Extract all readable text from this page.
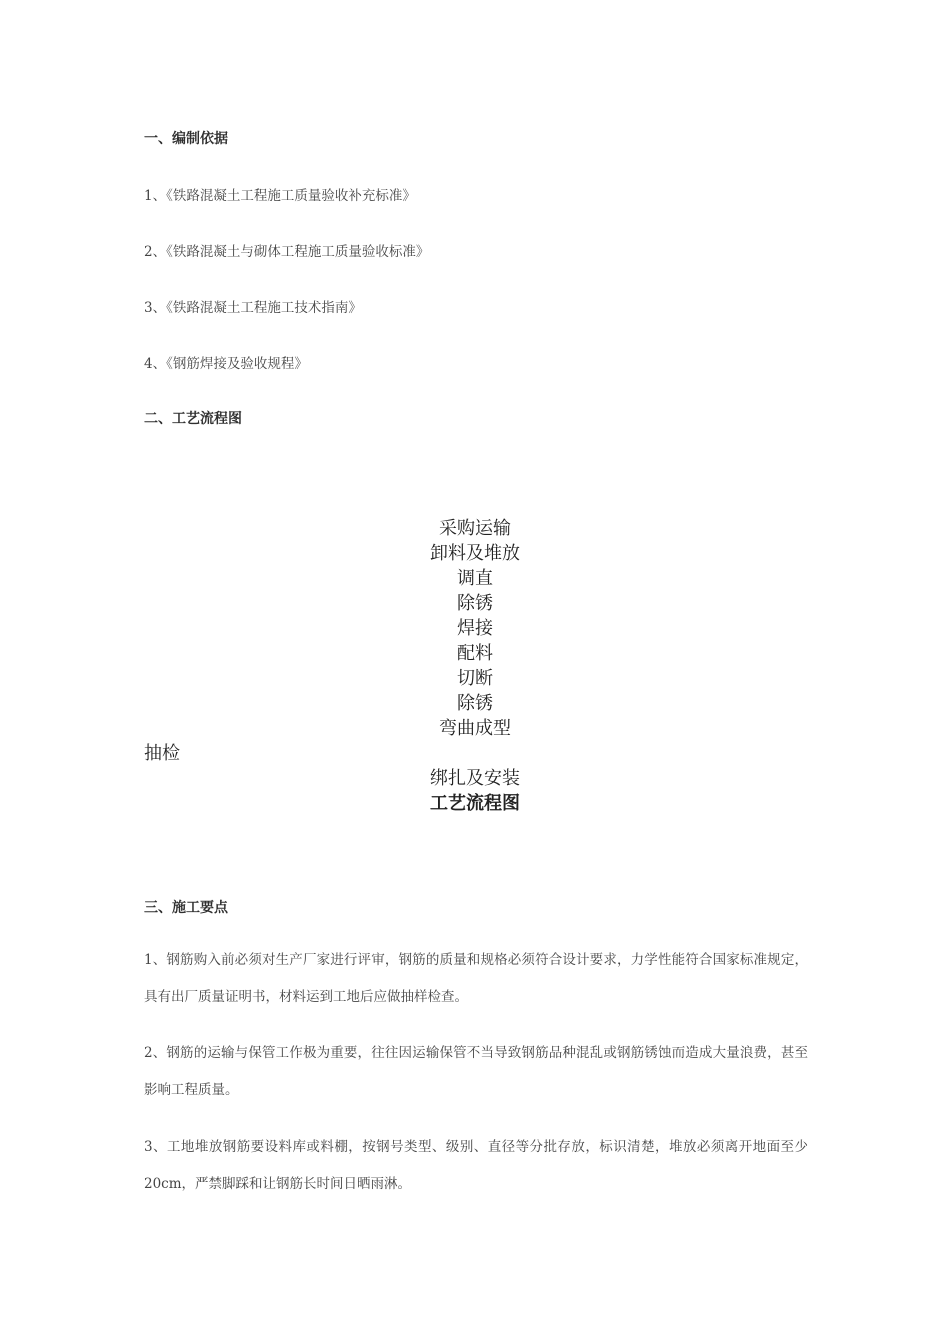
一、编制依据
1、《铁路混凝土工程施工质量验收补充标准》
2、《铁路混凝土与砌体工程施工质量验收标准》
3、《铁路混凝土工程施工技术指南》
4、《钢筋焊接及验收规程》
二、工艺流程图
采购运输
卸料及堆放
调直
除锈
焊接
配料
切断
除锈
弯曲成型
抽检
绑扎及安装
工艺流程图
三、施工要点

1、钢筋购入前必须对生产厂家进行评审，钢筋的质量和规格必须符合设计要求，力学性能符合国家标准规定，具有出厂质量证明书，材料运到工地后应做抽样检查。

2、钢筋的运输与保管工作极为重要，往往因运输保管不当导致钢筋品种混乱或钢筋锈蚀而造成大量浪费，甚至影响工程质量。

3、工地堆放钢筋要设料库或料棚，按钢号类型、级别、直径等分批存放，标识清楚，堆放必须离开地面至少20cm，严禁脚踩和让钢筋长时间日晒雨淋。
